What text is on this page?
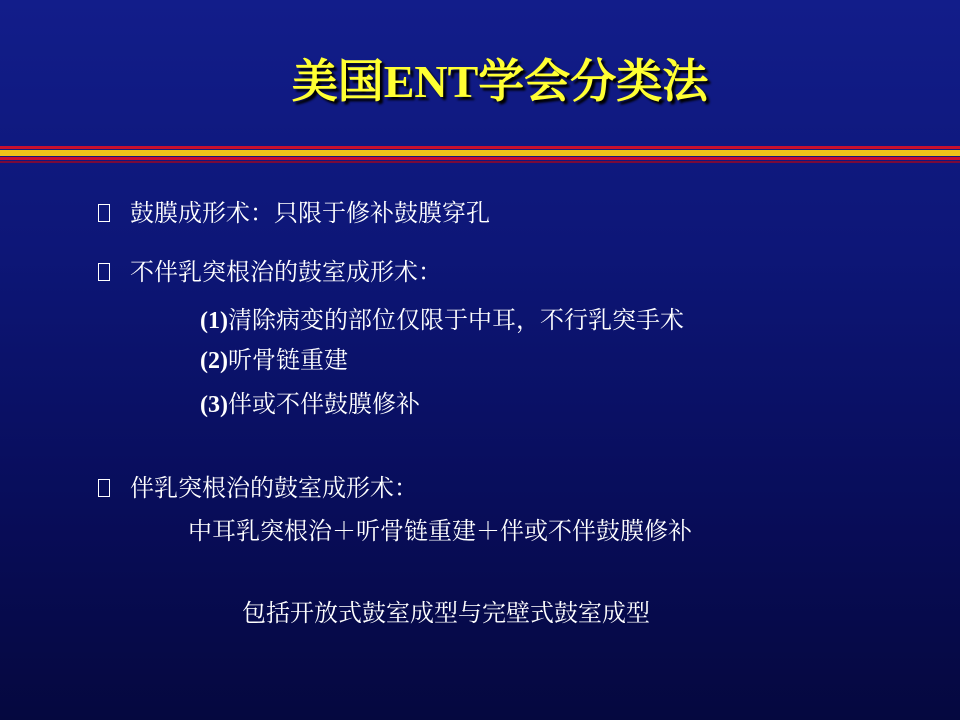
美国ENT学会分类法
鼓膜成形术：只限于修补鼓膜穿孔
不伴乳突根治的鼓室成形术：
(1)清除病变的部位仅限于中耳，不行乳突手术
(2)听骨链重建
(3)伴或不伴鼓膜修补
伴乳突根治的鼓室成形术：
中耳乳突根治＋听骨链重建＋伴或不伴鼓膜修补
包括开放式鼓室成型与完壁式鼓室成型
